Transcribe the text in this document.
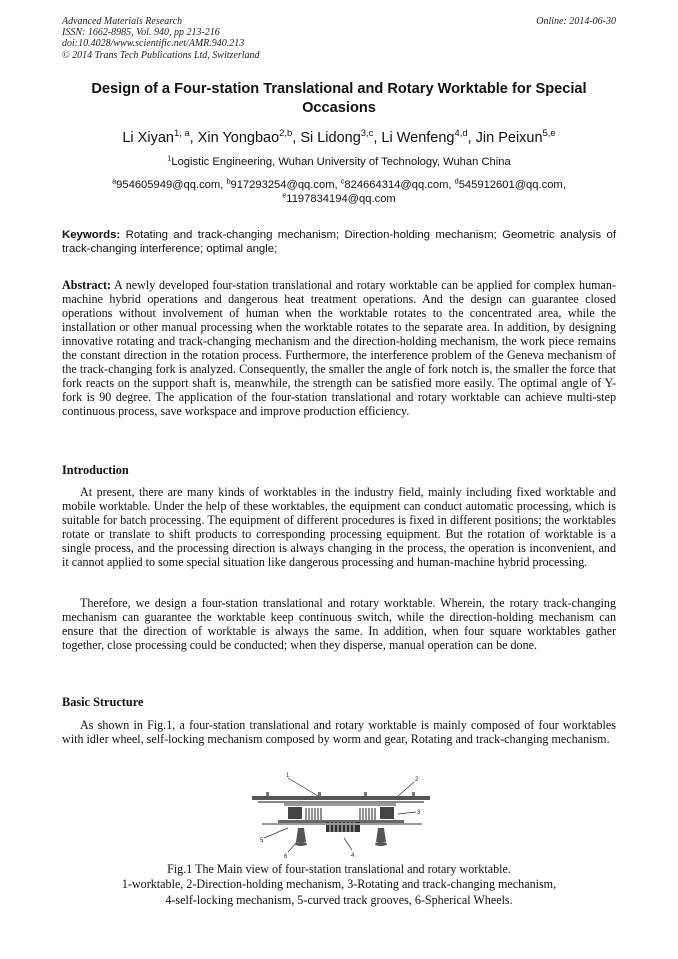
Advanced Materials Research
ISSN: 1662-8985, Vol. 940, pp 213-216
doi:10.4028/www.scientific.net/AMR.940.213
© 2014 Trans Tech Publications Ltd, Switzerland
Online: 2014-06-30
Design of a Four-station Translational and Rotary Worktable for Special
Occasions
Li Xiyan$^{1, a}$, Xin Yongbao$^{2,b}$, Si Lidong$^{3,c}$, Li Wenfeng$^{4,d}$, Jin Peixun$^{5,e}$
$^1$Logistic Engineering, Wuhan University of Technology, Wuhan China
$^a$954605949@qq.com, $^b$917293254@qq.com, $^c$824664314@qq.com, $^d$545912601@qq.com,
$^e$1197834194@qq.com
Keywords: Rotating and track-changing mechanism; Direction-holding mechanism; Geometric analysis of track-changing interference; optimal angle;
Abstract: A newly developed four-station translational and rotary worktable can be applied for complex human-machine hybrid operations and dangerous heat treatment operations. And the design can guarantee closed operations without involvement of human when the worktable rotates to the concentrated area, while the installation or other manual processing when the worktable rotates to the separate area. In addition, by designing innovative rotating and track-changing mechanism and the direction-holding mechanism, the work piece remains the constant direction in the rotation process. Furthermore, the interference problem of the Geneva mechanism of the track-changing fork is analyzed. Consequently, the smaller the angle of fork notch is, the smaller the force that fork reacts on the support shaft is, meanwhile, the strength can be satisfied more easily. The optimal angle of Y-fork is 90 degree. The application of the four-station translational and rotary worktable can achieve multi-step continuous process, save workspace and improve production efficiency.
Introduction
At present, there are many kinds of worktables in the industry field, mainly including fixed worktable and mobile worktable. Under the help of these worktables, the equipment can conduct automatic processing, which is suitable for batch processing. The equipment of different procedures is fixed in different positions; the worktables rotate or translate to shift products to corresponding processing equipment. But the rotation of worktable is a single process, and the processing direction is always changing in the process, the operation is inconvenient, and it cannot applied to some special situation like dangerous processing and human-machine hybrid processing.
Therefore, we design a four-station translational and rotary worktable. Wherein, the rotary track-changing mechanism can guarantee the worktable keep continuous switch, while the direction-holding mechanism can ensure that the direction of worktable is always the same. In addition, when four square worktables gather together, close processing could be conducted; when they disperse, manual operation can be done.
Basic Structure
As shown in Fig.1, a four-station translational and rotary worktable is mainly composed of four worktables with idler wheel, self-locking mechanism composed by worm and gear, Rotating and track-changing mechanism.
1
2
3
4
5
6
Fig.1 The Main view of four-station translational and rotary worktable.
1-worktable, 2-Direction-holding mechanism, 3-Rotating and track-changing mechanism,
4-self-locking mechanism, 5-curved track grooves, 6-Spherical Wheels.
